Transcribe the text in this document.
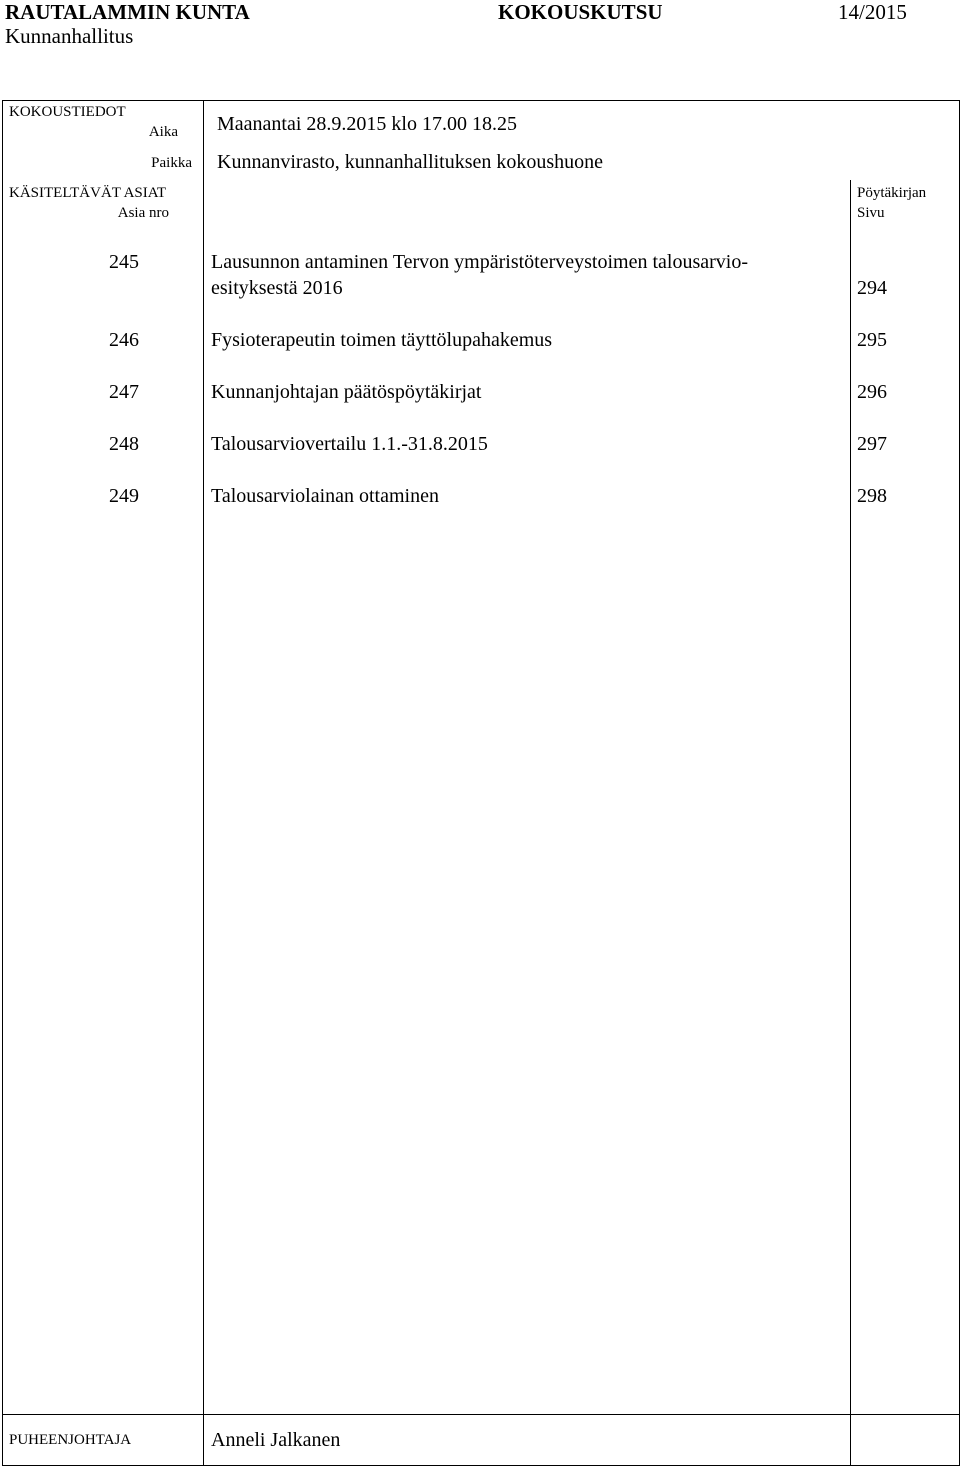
RAUTALAMMIN KUNTA	KOKOUSKUTSU	14/2015
Kunnanhallitus
KOKOUSTIEDOT
Aika Maanantai 28.9.2015 klo 17.00 18.25
Paikka Kunnanvirasto, kunnanhallituksen kokoushuone
KÄSITELTÄVÄT ASIAT
Asia nro
Pöytäkirjan
Sivu
245	Lausunnon antaminen Tervon ympäristöterveystoimen talousarvio-
esityksestä 2016	294
246	Fysioterapeutin toimen täyttölupahakemus	295
247	Kunnanjohtajan päätöspöytäkirjat	296
248	Talousarviovertailu 1.1.-31.8.2015	297
249	Talousarviolainan ottaminen	298
PUHEENJOHTAJA	Anneli Jalkanen
